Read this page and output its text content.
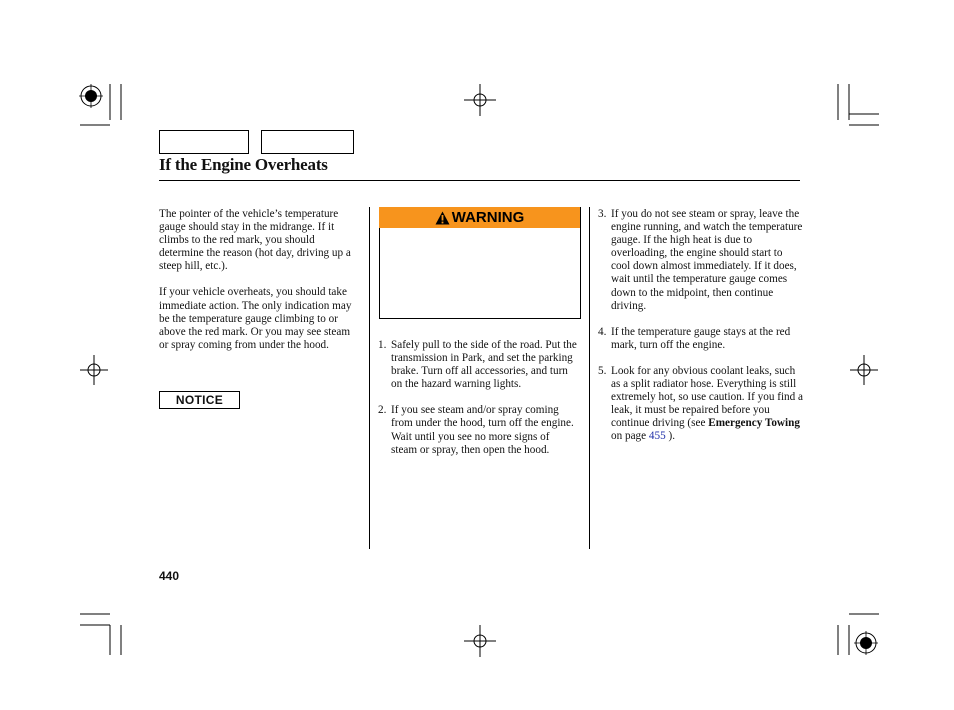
If the Engine Overheats

The pointer of the vehicle’s temperature gauge should stay in the midrange. If it climbs to the red mark, you should determine the reason (hot day, driving up a steep hill, etc.).

If your vehicle overheats, you should take immediate action. The only indication may be the temperature gauge climbing to or above the red mark. Or you may see steam or spray coming from under the hood.

NOTICE
WARNING
1. Safely pull to the side of the road. Put the transmission in Park, and set the parking brake. Turn off all accessories, and turn on the hazard warning lights.
2. If you see steam and/or spray coming from under the hood, turn off the engine. Wait until you see no more signs of steam or spray, then open the hood.
3. If you do not see steam or spray, leave the engine running, and watch the temperature gauge. If the high heat is due to overloading, the engine should start to cool down almost immediately. If it does, wait until the temperature gauge comes down to the midpoint, then continue driving.
4. If the temperature gauge stays at the red mark, turn off the engine.
5. Look for any obvious coolant leaks, such as a split radiator hose. Everything is still extremely hot, so use caution. If you find a leak, it must be repaired before you continue driving (see Emergency Towing on page 455 ).
440
